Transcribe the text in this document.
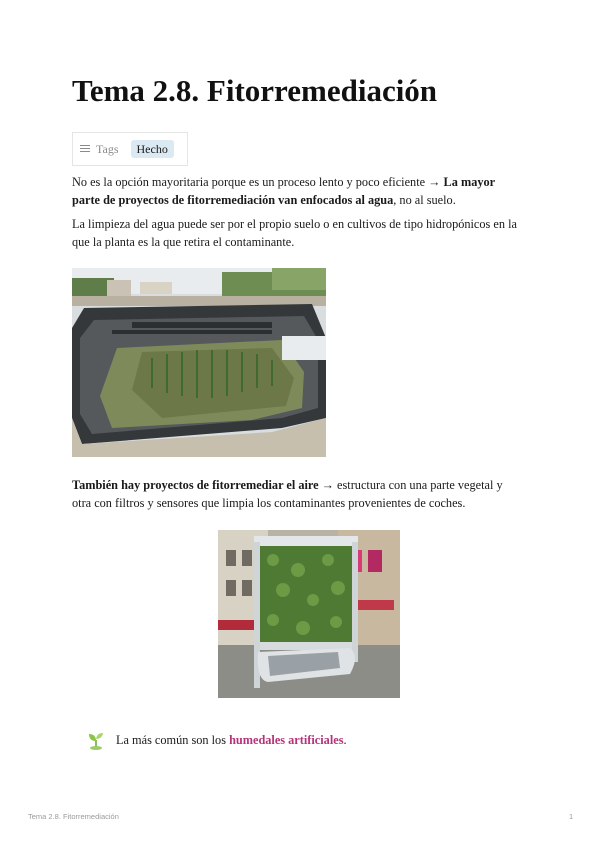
Tema 2.8. Fitorremediación
Tags	Hecho

No es la opción mayoritaria porque es un proceso lento y poco eficiente → La mayor parte de proyectos de fitorremediación van enfocados al agua, no al suelo.

La limpieza del agua puede ser por el propio suelo o en cultivos de tipo hidropónicos en la que la planta es la que retira el contaminante.

También hay proyectos de fitorremediar el aire → estructura con una parte vegetal y otra con filtros y sensores que limpia los contaminantes provenientes de coches.

La más común son los humedales artificiales .
Tema 2.8. Fitorremediación	1
